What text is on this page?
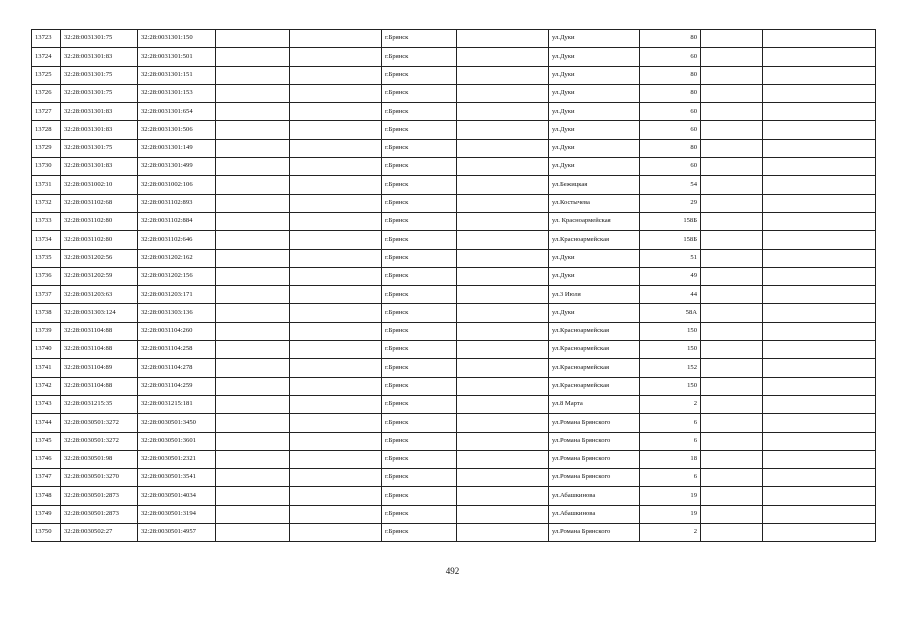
13723	32:28:0031301:75	32:28:0031301:150			г.Брянск		ул.Дуки	80		
13724	32:28:0031301:83	32:28:0031301:501			г.Брянск		ул.Дуки	60		
13725	32:28:0031301:75	32:28:0031301:151			г.Брянск		ул.Дуки	80		
13726	32:28:0031301:75	32:28:0031301:153			г.Брянск		ул.Дуки	80		
13727	32:28:0031301:83	32:28:0031301:654			г.Брянск		ул.Дуки	60		
13728	32:28:0031301:83	32:28:0031301:506			г.Брянск		ул.Дуки	60		
13729	32:28:0031301:75	32:28:0031301:149			г.Брянск		ул.Дуки	80		
13730	32:28:0031301:83	32:28:0031301:499			г.Брянск		ул.Дуки	60		
13731	32:28:0031002:10	32:28:0031002:106			г.Брянск		ул.Бежицкая	54		
13732	32:28:0031102:68	32:28:0031102:893			г.Брянск		ул.Костычева	29		
13733	32:28:0031102:80	32:28:0031102:884			г.Брянск		ул. Красноармейская	158Б		
13734	32:28:0031102:80	32:28:0031102:646			г.Брянск		ул.Красноармейская	158Б		
13735	32:28:0031202:56	32:28:0031202:162			г.Брянск		ул.Дуки	51		
13736	32:28:0031202:59	32:28:0031202:156			г.Брянск		ул.Дуки	49		
13737	32:28:0031203:63	32:28:0031203:171			г.Брянск		ул.3 Июля	44		
13738	32:28:0031303:124	32:28:0031303:136			г.Брянск		ул.Дуки	58А		
13739	32:28:0031104:88	32:28:0031104:260			г.Брянск		ул.Красноармейская	150		
13740	32:28:0031104:88	32:28:0031104:258			г.Брянск		ул.Красноармейская	150		
13741	32:28:0031104:89	32:28:0031104:278			г.Брянск		ул.Красноармейская	152		
13742	32:28:0031104:88	32:28:0031104:259			г.Брянск		ул.Красноармейская	150		
13743	32:28:0031215:35	32:28:0031215:181			г.Брянск		ул.8 Марта	2		
13744	32:28:0030501:3272	32:28:0030501:3450			г.Брянск		ул.Романа Брянского	6		
13745	32:28:0030501:3272	32:28:0030501:3601			г.Брянск		ул.Романа Брянского	6		
13746	32:28:0030501:98	32:28:0030501:2321			г.Брянск		ул.Романа Брянского	18		
13747	32:28:0030501:3270	32:28:0030501:3541			г.Брянск		ул.Романа Брянского	6		
13748	32:28:0030501:2873	32:28:0030501:4034			г.Брянск		ул.Абашкинова	19		
13749	32:28:0030501:2873	32:28:0030501:3194			г.Брянск		ул.Абашкинова	19		
13750	32:28:0030502:27	32:28:0030501:4957			г.Брянск		ул.Романа Брянского	2		
492
